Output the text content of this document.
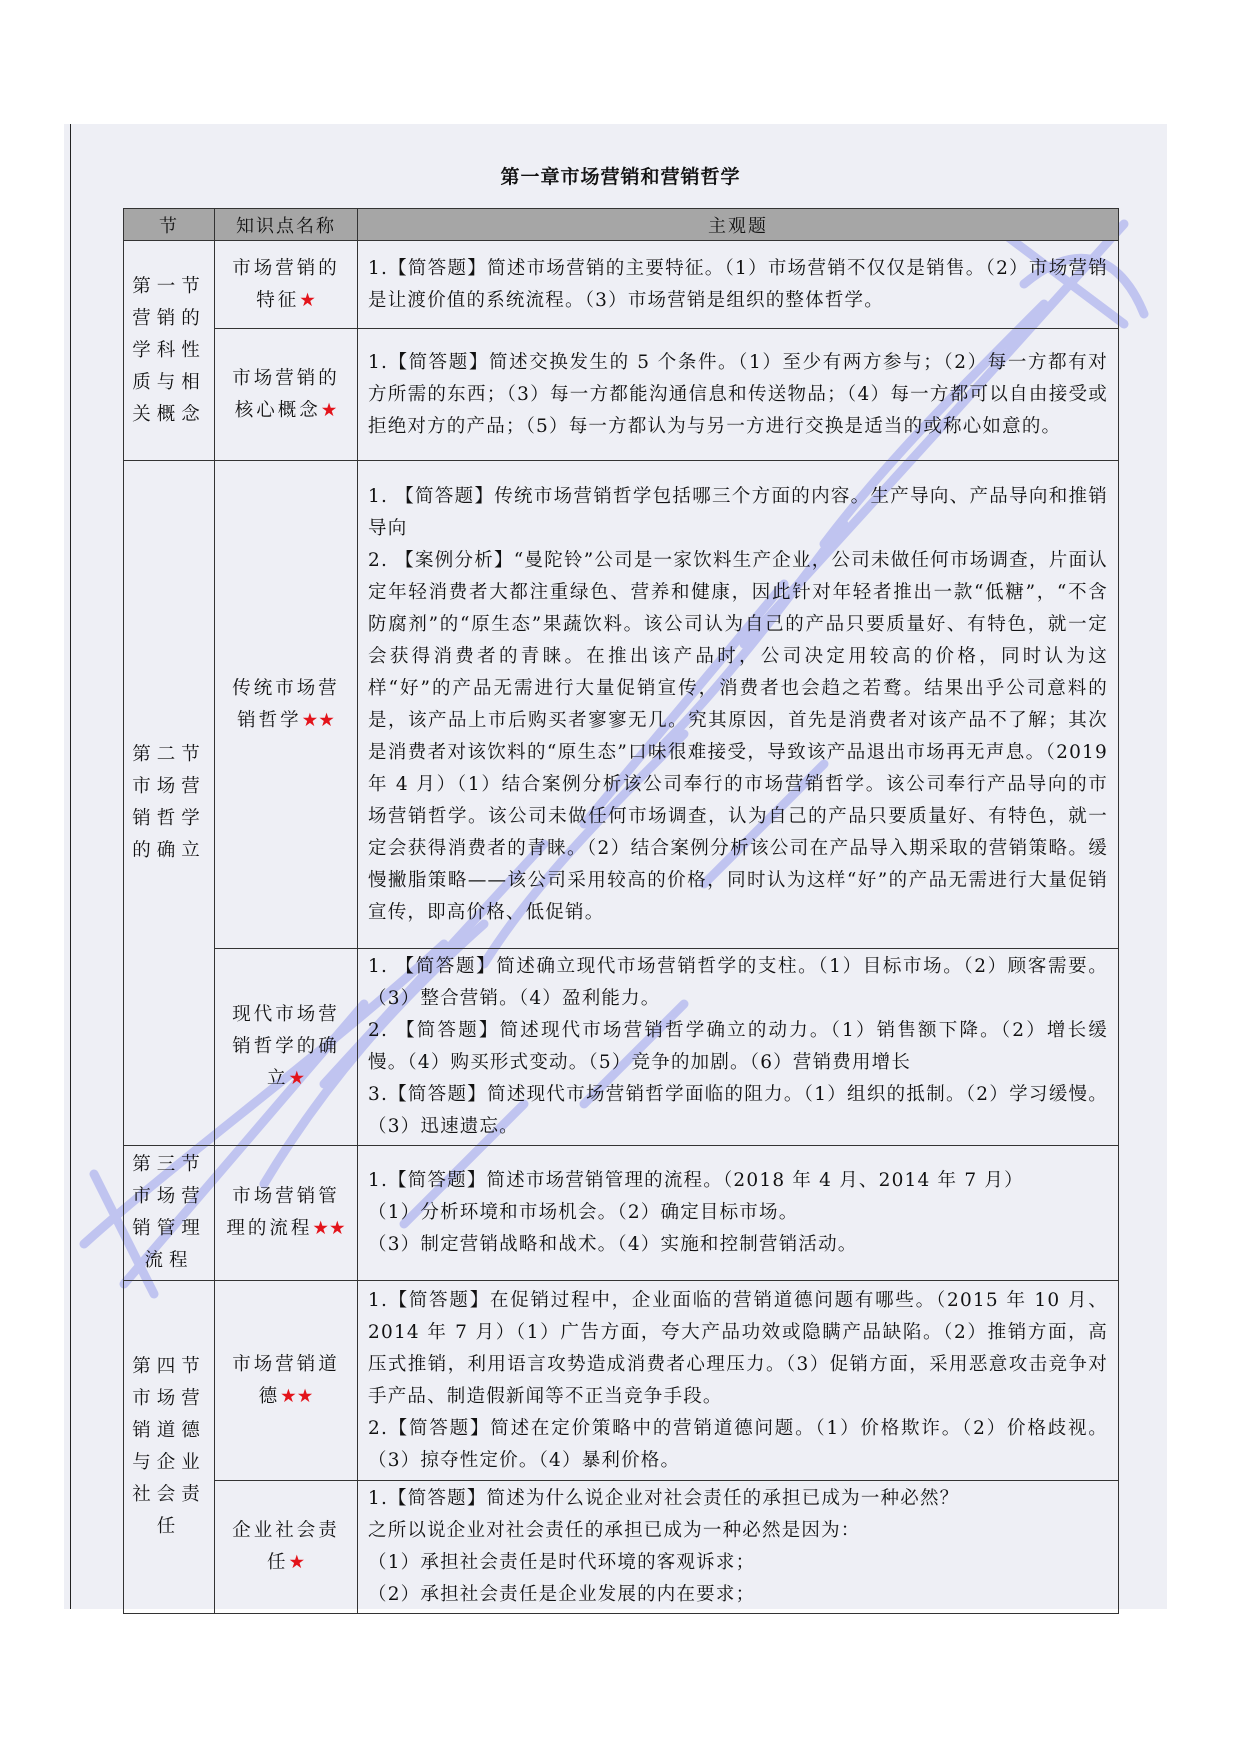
第一章市场营销和营销哲学
节	知识点名称	主观题
第一节营销的学科性质与相关概念	市场营销的特征★	1.【简答题】简述市场营销的主要特征。（1）市场营销不仅仅是销售。（2）市场营销是让渡价值的系统流程。（3）市场营销是组织的整体哲学。

	市场营销的核心概念★	1.【简答题】简述交换发生的 5 个条件。（1）至少有两方参与；（2）每一方都有对方所需的东西；（3）每一方都能沟通信息和传送物品；（4）每一方都可以自由接受或拒绝对方的产品；（5）每一方都认为与另一方进行交换是适当的或称心如意的。

第二节市场营销哲学的确立	传统市场营销哲学★★	1. 【简答题】传统市场营销哲学包括哪三个方面的内容。生产导向、产品导向和推销导向

2. 【案例分析】“曼陀铃”公司是一家饮料生产企业，公司未做任何市场调查，片面认定年轻消费者大都注重绿色、营养和健康，因此针对年轻者推出一款“低糖”，“不含防腐剂”的“原生态”果蔬饮料。该公司认为自己的产品只要质量好、有特色，就一定会获得消费者的青睐。在推出该产品时，公司决定用较高的价格，同时认为这样“好”的产品无需进行大量促销宣传，消费者也会趋之若鹜。结果出乎公司意料的是，该产品上市后购买者寥寥无几。究其原因，首先是消费者对该产品不了解；其次是消费者对该饮料的“原生态”口味很难接受，导致该产品退出市场再无声息。（2019 年 4 月）（1）结合案例分析该公司奉行的市场营销哲学。该公司奉行产品导向的市场营销哲学。该公司未做任何市场调查，认为自己的产品只要质量好、有特色，就一定会获得消费者的青睐。（2）结合案例分析该公司在产品导入期采取的营销策略。缓慢撇脂策略——该公司采用较高的价格，同时认为这样“好”的产品无需进行大量促销宣传，即高价格、低促销。

	现代市场营销哲学的确立★	1. 【简答题】简述确立现代市场营销哲学的支柱。（1）目标市场。（2）顾客需要。（3）整合营销。（4）盈利能力。

2. 【简答题】简述现代市场营销哲学确立的动力。（1）销售额下降。（2）增长缓慢。（4）购买形式变动。（5）竞争的加剧。（6）营销费用增长

3.【简答题】简述现代市场营销哲学面临的阻力。（1）组织的抵制。（2）学习缓慢。（3）迅速遗忘。

第三节市场营销管理流程	市场营销管理的流程★★	1.【简答题】简述市场营销管理的流程。（2018 年 4 月、2014 年 7 月）

（1）分析环境和市场机会。（2）确定目标市场。

（3）制定营销战略和战术。（4）实施和控制营销活动。

第四节市场营销道德与企业社会责任	市场营销道德★★	1.【简答题】在促销过程中，企业面临的营销道德问题有哪些。（2015 年 10 月、2014 年 7 月）（1）广告方面，夸大产品功效或隐瞒产品缺陷。（2）推销方面，高压式推销，利用语言攻势造成消费者心理压力。（3）促销方面，采用恶意攻击竞争对手产品、制造假新闻等不正当竞争手段。

2.【简答题】简述在定价策略中的营销道德问题。（1）价格欺诈。（2）价格歧视。（3）掠夺性定价。（4）暴利价格。

	企业社会责任★	1.【简答题】简述为什么说企业对社会责任的承担已成为一种必然？

之所以说企业对社会责任的承担已成为一种必然是因为：

（1）承担社会责任是时代环境的客观诉求；

（2）承担社会责任是企业发展的内在要求；
